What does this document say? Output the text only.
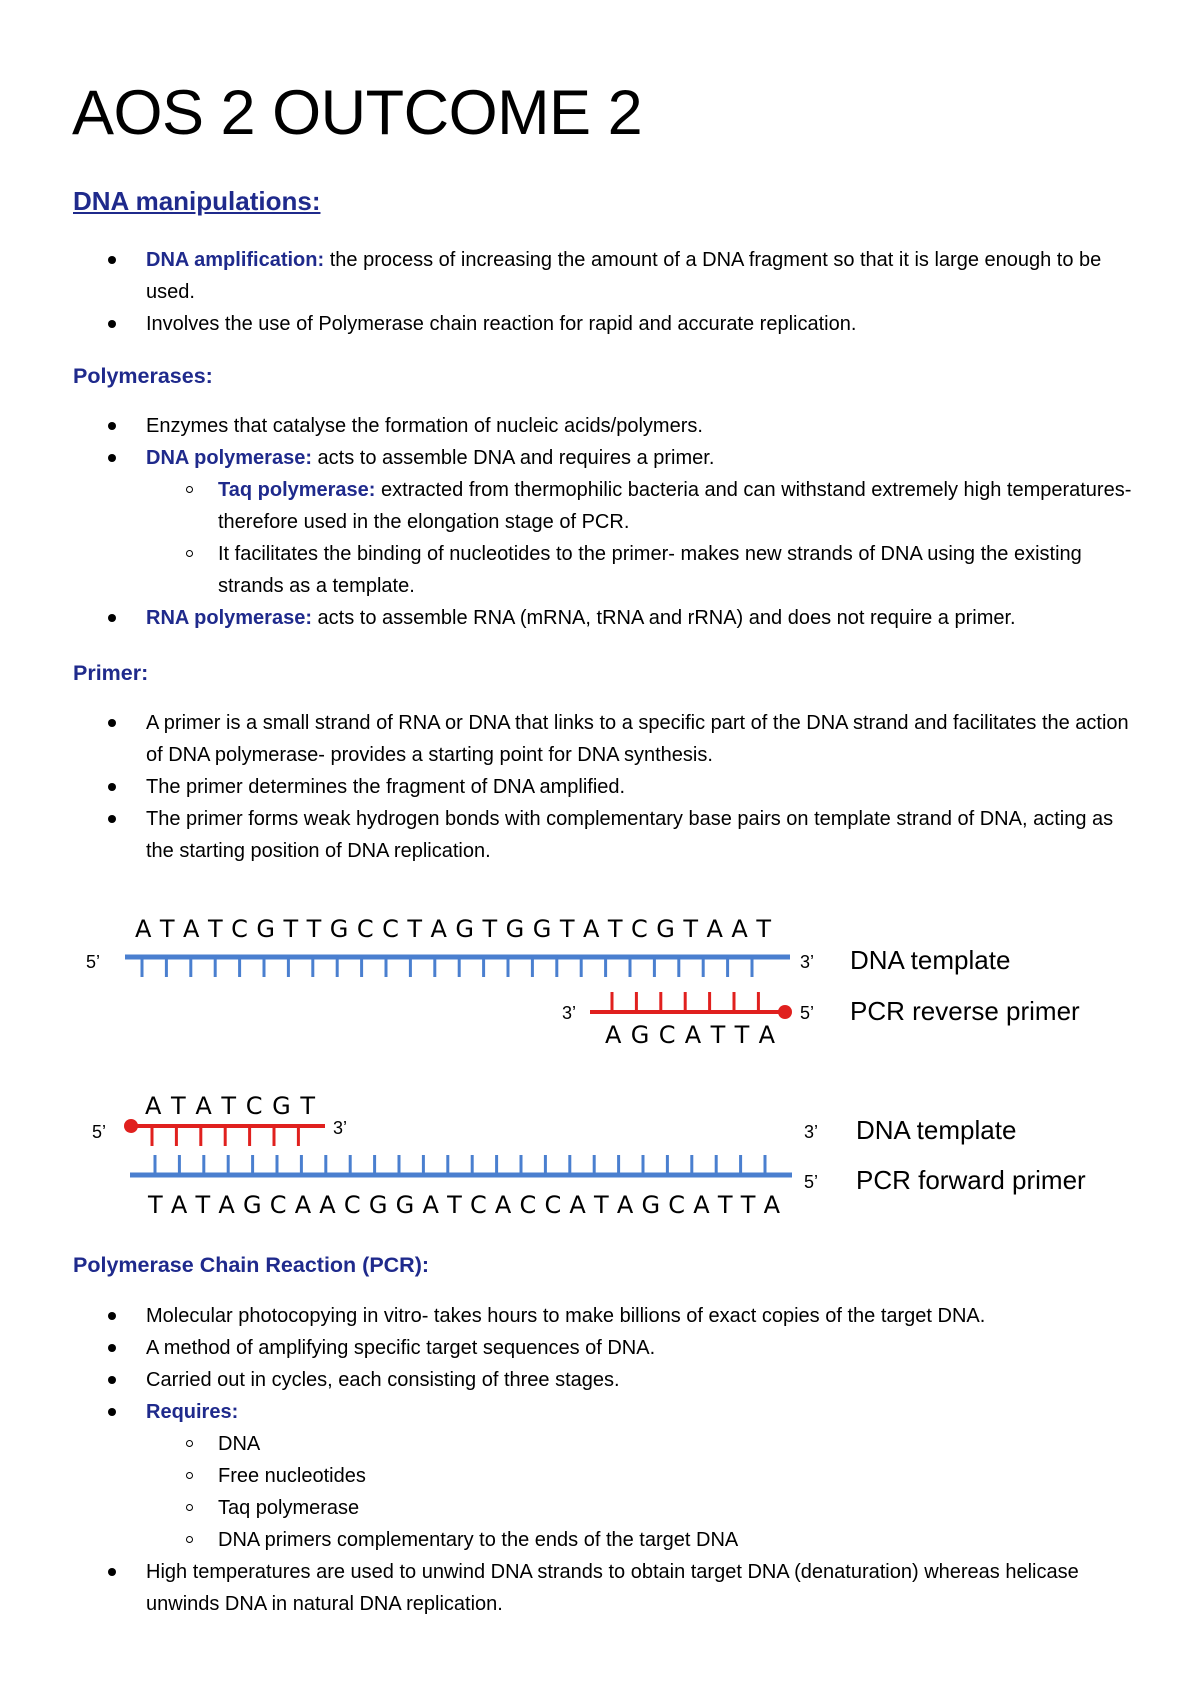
AOS 2 OUTCOME 2
DNA manipulations:
DNA amplification: the process of increasing the amount of a DNA fragment so that it is large enough to be used.
Involves the use of Polymerase chain reaction for rapid and accurate replication.
Polymerases:
Enzymes that catalyse the formation of nucleic acids/polymers.
DNA polymerase: acts to assemble DNA and requires a primer.
Taq polymerase: extracted from thermophilic bacteria and can withstand extremely high temperatures- therefore used in the elongation stage of PCR.
It facilitates the binding of nucleotides to the primer- makes new strands of DNA using the existing strands as a template.
RNA polymerase: acts to assemble RNA (mRNA, tRNA and rRNA) and does not require a primer.
Primer:
A primer is a small strand of RNA or DNA that links to a specific part of the DNA strand and facilitates the action of DNA polymerase- provides a starting point for DNA synthesis.
The primer determines the fragment of DNA amplified.
The primer forms weak hydrogen bonds with complementary base pairs on template strand of DNA, acting as the starting position of DNA replication.
A T A T C G T T G C C T A G T G G T A T C G T A A T
5’	3’ DNA template
3’	5’ PCR reverse primer
A G C A T T A
A T A T C G T
5’	3’	3’ DNA template
5’ PCR forward primer
T A T A G C A A C G G A T C A C C A T A G C A T T A
Polymerase Chain Reaction (PCR):
Molecular photocopying in vitro- takes hours to make billions of exact copies of the target DNA.
A method of amplifying specific target sequences of DNA.
Carried out in cycles, each consisting of three stages.
Requires:
DNA
Free nucleotides
Taq polymerase
DNA primers complementary to the ends of the target DNA
High temperatures are used to unwind DNA strands to obtain target DNA (denaturation) whereas helicase unwinds DNA in natural DNA replication.
